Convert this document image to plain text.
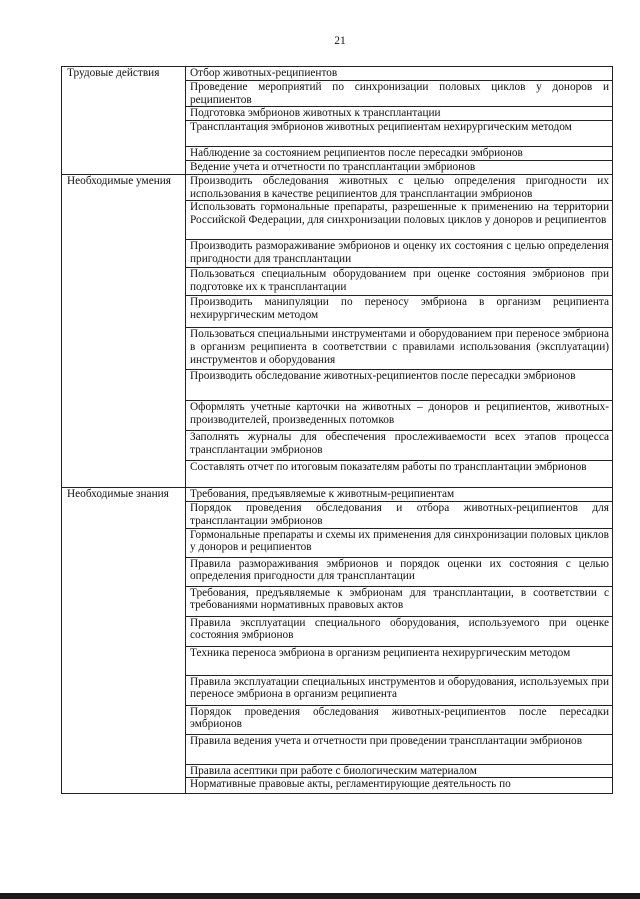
21
Трудовые действия	Отбор животных-реципиентов

	Проведение мероприятий по синхронизации половых циклов у доноров и реципиентов

	Подготовка эмбрионов животных к трансплантации

	Трансплантация эмбрионов животных реципиентам нехирургическим методом

	Наблюдение за состоянием реципиентов после пересадки эмбрионов

	Ведение учета и отчетности по трансплантации эмбрионов

Необходимые умения	Производить обследования животных с целью определения пригодности их использования в качестве реципиентов для трансплантации эмбрионов

	Использовать гормональные препараты, разрешенные к применению на территории Российской Федерации, для синхронизации половых циклов у доноров и реципиентов

	Производить размораживание эмбрионов и оценку их состояния с целью определения пригодности для трансплантации

	Пользоваться специальным оборудованием при оценке состояния эмбрионов при подготовке их к трансплантации

	Производить манипуляции по переносу эмбриона в организм реципиента нехирургическим методом

	Пользоваться специальными инструментами и оборудованием при переносе эмбриона в организм реципиента в соответствии с правилами использования (эксплуатации) инструментов и оборудования

	Производить обследование животных-реципиентов после пересадки эмбрионов

	Оформлять учетные карточки на животных – доноров и реципиентов, животных-производителей, произведенных потомков

	Заполнять журналы для обеспечения прослеживаемости всех этапов процесса трансплантации эмбрионов

	Составлять отчет по итоговым показателям работы по трансплантации эмбрионов

Необходимые знания	Требования, предъявляемые к животным-реципиентам

	Порядок проведения обследования и отбора животных-реципиентов для трансплантации эмбрионов

	Гормональные препараты и схемы их применения для синхронизации половых циклов у доноров и реципиентов

	Правила размораживания эмбрионов и порядок оценки их состояния с целью определения пригодности для трансплантации

	Требования, предъявляемые к эмбрионам для трансплантации, в соответствии с требованиями нормативных правовых актов

	Правила эксплуатации специального оборудования, используемого при оценке состояния эмбрионов

	Техника переноса эмбриона в организм реципиента нехирургическим методом

	Правила эксплуатации специальных инструментов и оборудования, используемых при переносе эмбриона в организм реципиента

	Порядок проведения обследования животных-реципиентов после пересадки эмбрионов

	Правила ведения учета и отчетности при проведении трансплантации эмбрионов

	Правила асептики при работе с биологическим материалом

	Нормативные правовые акты, регламентирующие деятельность по
